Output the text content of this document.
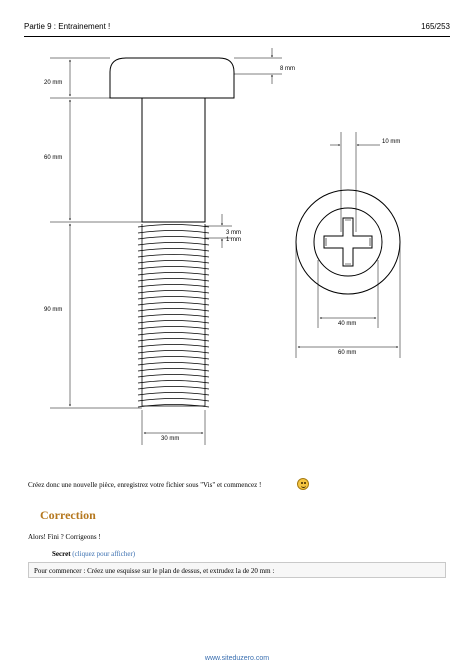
Partie 9 : Entrainement !	165/253
20 mm
60 mm
90 mm
8 mm
3 mm
1 mm
30 mm
10 mm
40 mm
60 mm
Créez donc une nouvelle pièce, enregistrez votre fichier sous "Vis" et commencez !
Correction
Alors! Fini ? Corrigeons !
Secret (cliquez pour afficher)
Pour commencer : Créez une esquisse sur le plan de dessus, et extrudez la de 20 mm :
www.siteduzero.com
